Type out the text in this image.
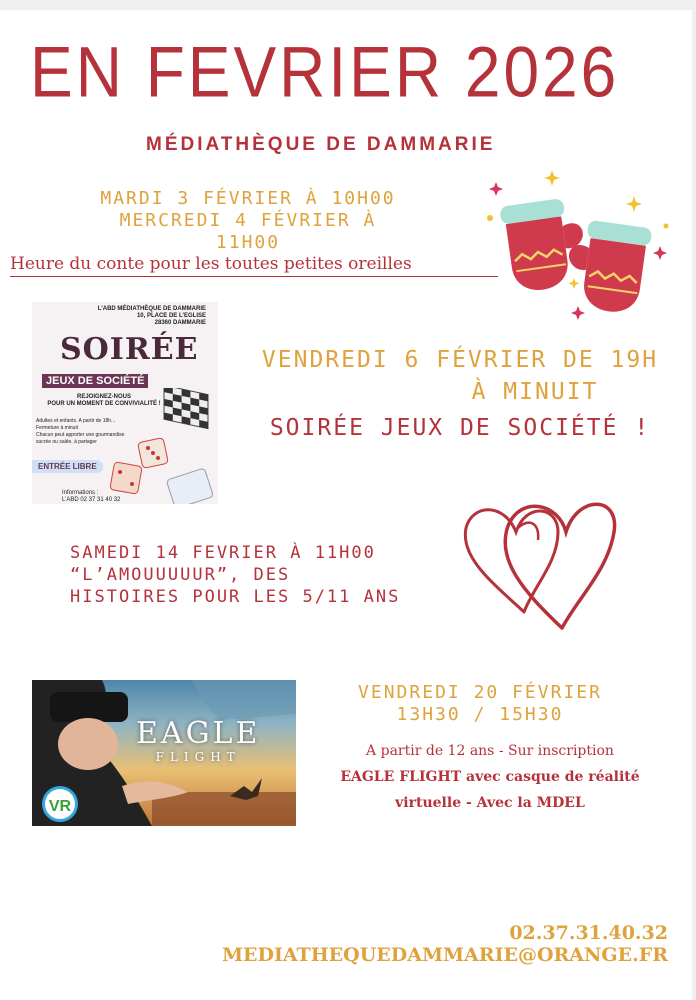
EN FEVRIER 2026
MÉDIATHÈQUE DE DAMMARIE
MARDI 3 FÉVRIER À 10H00
MERCREDI 4 FÉVRIER À 11H00
Heure du conte pour les toutes petites oreilles
L’ABD MÉDIATHÈQUE DE DAMMARIE
10, PLACE DE L’EGLISE
28360 DAMMARIE
SOIRÉE
JEUX DE SOCIÉTÉ
REJOIGNEZ-NOUS
POUR UN MOMENT DE CONVIVIALITÉ !
Adultes et enfants. A partir de 18h...
Fermeture à minuit
Chacun peut apporter une gourmandise
sucrée ou salée, à partager
ENTRÉE LIBRE
Informations :
L’ABD 02 37 31 40 32
VENDREDI 6 FÉVRIER DE 19H
À MINUIT
SOIRÉE JEUX DE SOCIÉTÉ !
SAMEDI 14 FEVRIER À 11H00
“L’AMOUUUUUR”, DES
HISTOIRES POUR LES 5/11 ANS
EAGLE
FLIGHT
VR
VENDREDI 20 FÉVRIER
13H30 / 15H30
A partir de 12 ans - Sur inscription
EAGLE FLIGHT avec casque de réalité
virtuelle - Avec la MDEL
02.37.31.40.32
MEDIATHEQUEDAMMARIE@ORANGE.FR
